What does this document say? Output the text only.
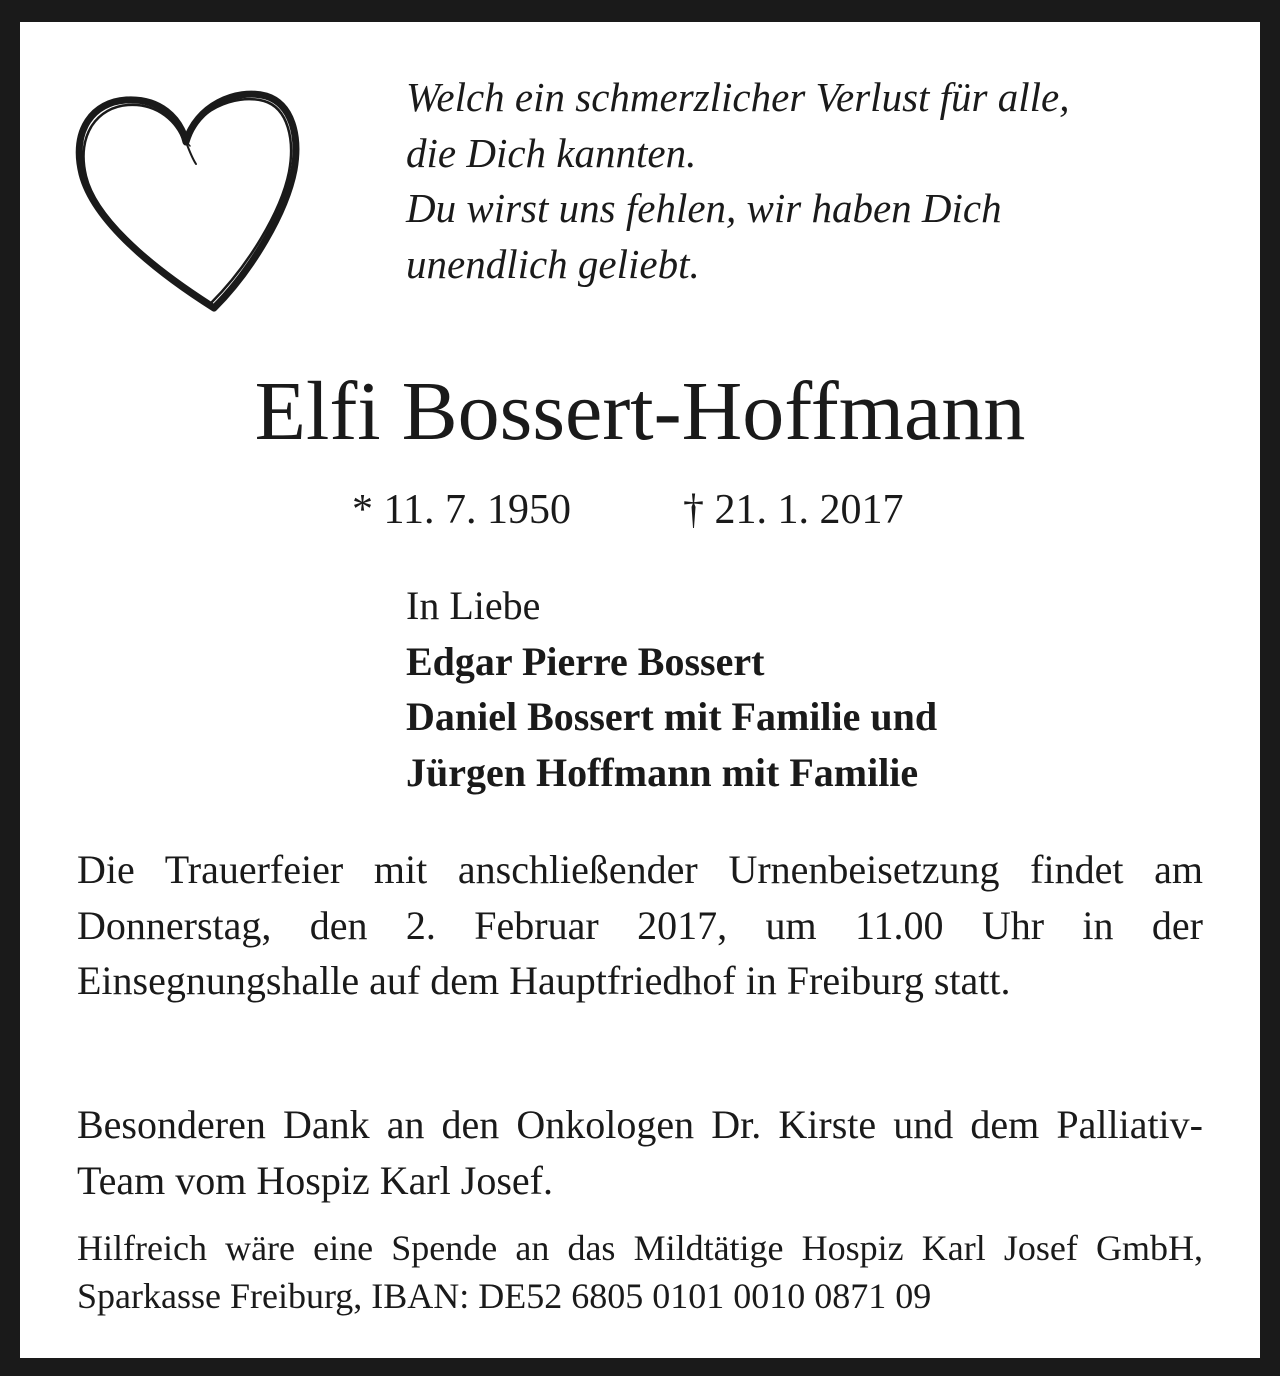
Welch ein schmerzlicher Verlust für alle,
die Dich kannten.
Du wirst uns fehlen, wir haben Dich
unendlich geliebt.
Elfi Bossert-Hoffmann
* 11. 7. 1950	† 21. 1. 2017
In Liebe
Edgar Pierre Bossert
Daniel Bossert mit Familie und
Jürgen Hoffmann mit Familie
Die Trauerfeier mit anschließender Urnenbeisetzung findet am Donnerstag, den 2. Februar 2017, um 11.00 Uhr in der Einsegnungshalle auf dem Hauptfriedhof in Freiburg statt.
Besonderen Dank an den Onkologen Dr. Kirste und dem Palliativ-Team vom Hospiz Karl Josef.
Hilfreich wäre eine Spende an das Mildtätige Hospiz Karl Josef GmbH, Sparkasse Freiburg, IBAN: DE52 6805 0101 0010 0871 09
